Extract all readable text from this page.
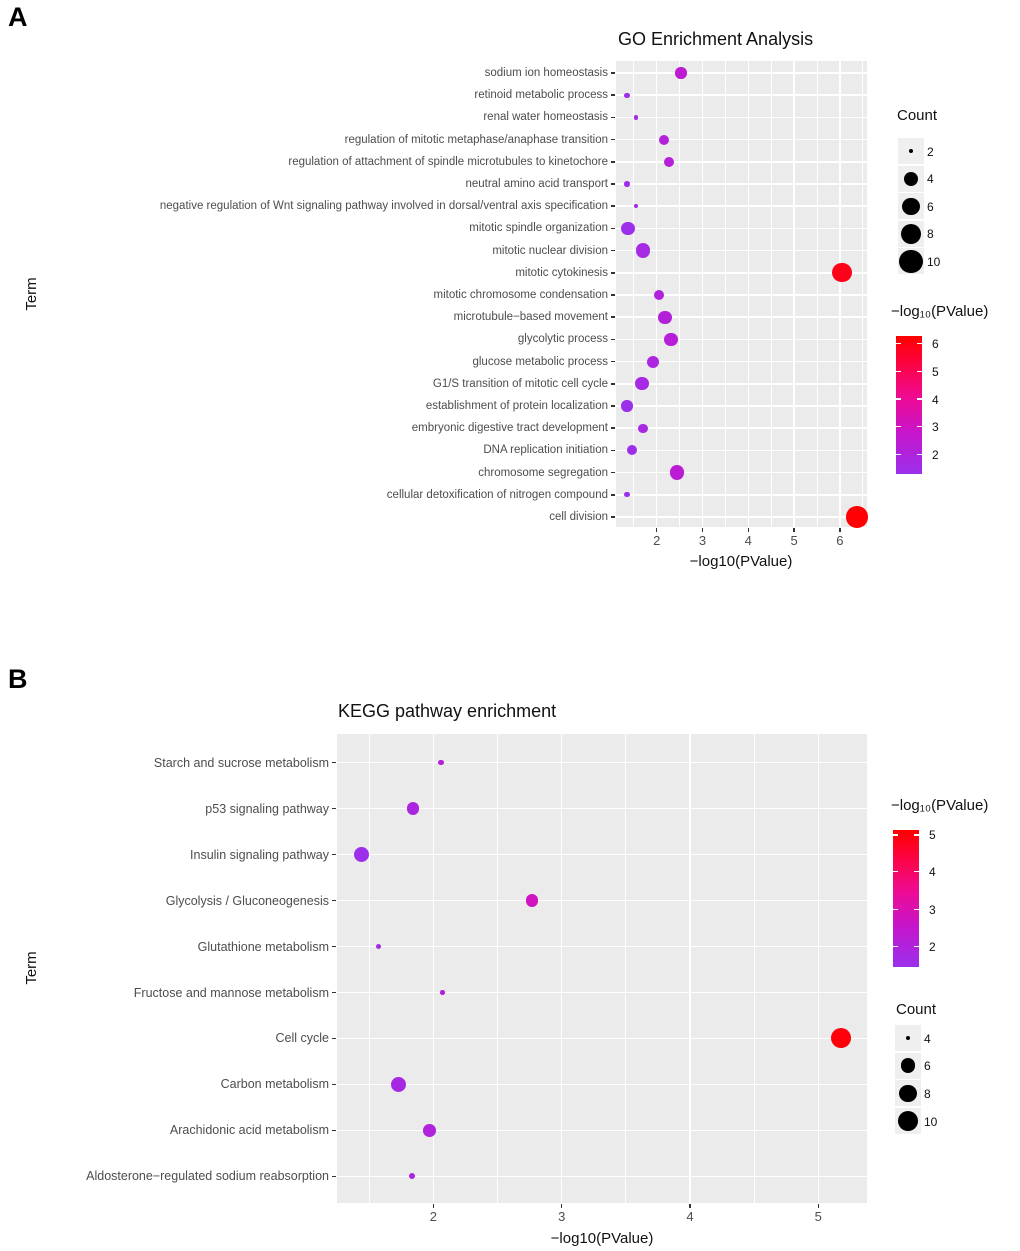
A
GO Enrichment Analysis
−log10(PValue)
Term
Count
−log₁₀(PValue)
B
KEGG pathway enrichment
−log10(PValue)
Term
−log₁₀(PValue)
Count
sodium ion homeostasis
retinoid metabolic process
renal water homeostasis
regulation of mitotic metaphase/anaphase transition
regulation of attachment of spindle microtubules to kinetochore
neutral amino acid transport
negative regulation of Wnt signaling pathway involved in dorsal/ventral axis specification
mitotic spindle organization
mitotic nuclear division
mitotic cytokinesis
mitotic chromosome condensation
microtubule−based movement
glycolytic process
glucose metabolic process
G1/S transition of mitotic cell cycle
establishment of protein localization
embryonic digestive tract development
DNA replication initiation
chromosome segregation
cellular detoxification of nitrogen compound
cell division
2	3	4	5	6
2
4
6
8
10
6
5
4
3
2
Starch and sucrose metabolism
p53 signaling pathway
Insulin signaling pathway
Glycolysis / Gluconeogenesis
Glutathione metabolism
Fructose and mannose metabolism
Cell cycle
Carbon metabolism
Arachidonic acid metabolism
Aldosterone−regulated sodium reabsorption
2	3	4	5
4
6
8
10
5
4
3
2
